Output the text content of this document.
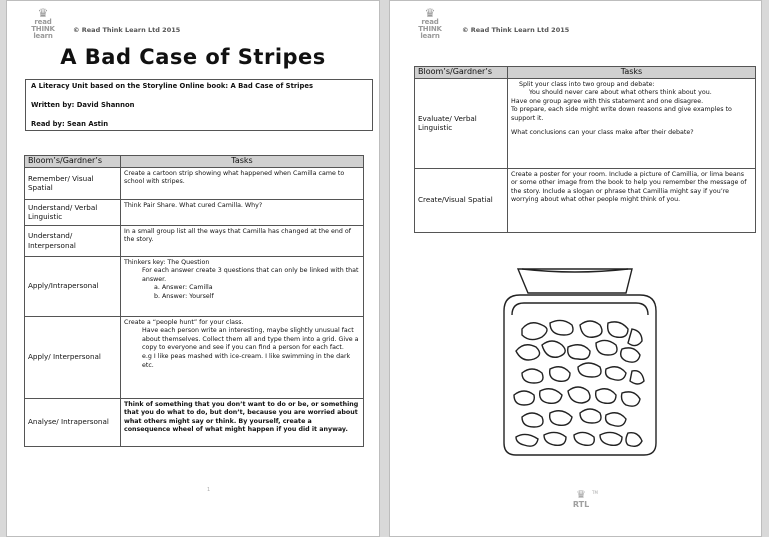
♛
read
THINK
learn
© Read Think Learn Ltd 2015
A Bad Case of Stripes
A Literacy Unit based on the Storyline Online book: A Bad Case of Stripes
Written by: David Shannon
Read by: Sean Astin
Bloom’s/Gardner’s	Tasks
Remember/ Visual Spatial	Create a cartoon strip showing what happened when Camilla came to school with stripes.

Understand/ Verbal Linguistic	Think Pair Share. What cured Camilla. Why?

Understand/ Interpersonal	In a small group list all the ways that Camilla has changed at the end of the story.

Apply/Intrapersonal	Thinkers key: The Question
For each answer create 3 questions that can only be linked with that answer.
a. Answer: Camilla
b. Answer: Yourself

Apply/ Interpersonal	Create a “people hunt” for your class.
Have each person write an interesting, maybe slightly unusual fact about themselves. Collect them all and type them into a grid. Give a copy to everyone and see if you can find a person for each fact.
e.g I like peas mashed with ice-cream. I like swimming in the dark etc.

Analyse/ Intrapersonal	Think of something that you don’t want to do or be, or something that you do what to do, but don’t, because you are worried about what others might say or think. By yourself, create a consequence wheel of what might happen if you did it anyway.
1
♛
read
THINK
learn
© Read Think Learn Ltd 2015
Bloom’s/Gardner’s	Tasks
Evaluate/ Verbal Linguistic	Split your class into two group and debate:
You should never care about what others think about you.
Have one group agree with this statement and one disagree.
To prepare, each side might write down reasons and give examples to support it.
What conclusions can your class make after their debate?

Create/Visual Spatial	Create a poster for your room. Include a picture of Camillia, or lima beans or some other image from the book to help you remember the message of the story. Include a slogan or phrase that Camillia might say if you’re worrying about what other people might think of you.
♛
RTL
TM
